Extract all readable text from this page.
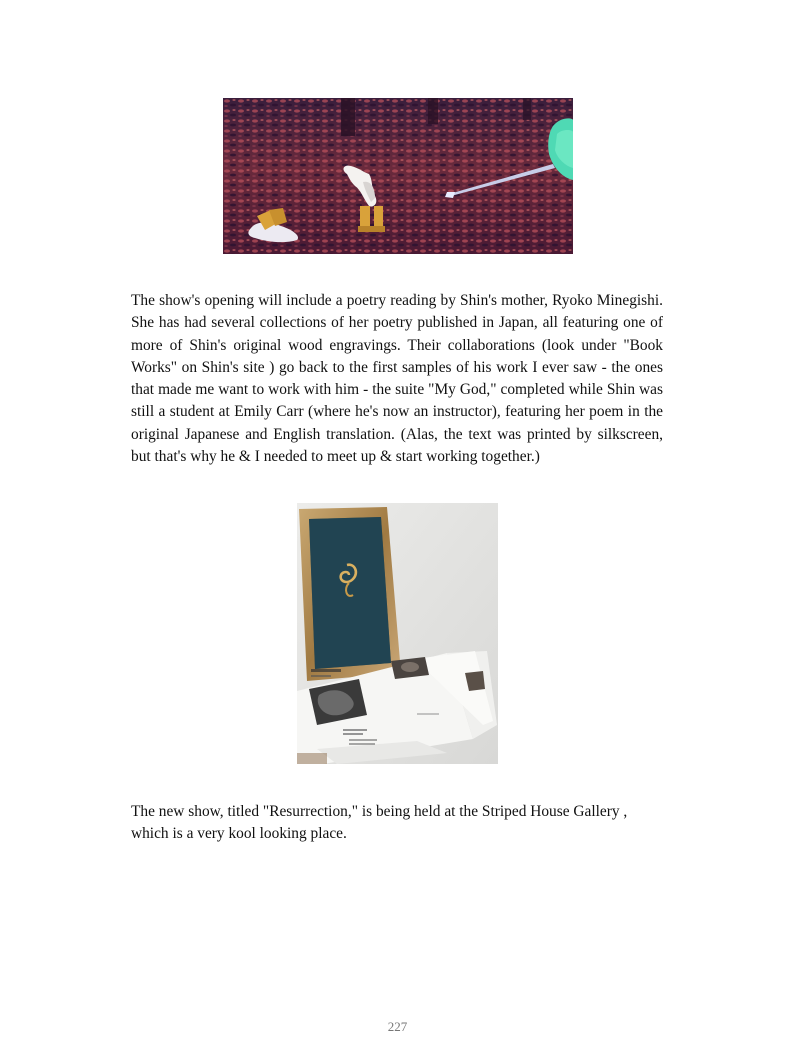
The show's opening will include a poetry reading by Shin's mother, Ryoko Minegishi. She has had several collections of her poetry published in Japan, all featuring one of more of Shin's original wood engravings. Their collaborations (look under "Book Works" on Shin's site ) go back to the first samples of his work I ever saw - the ones that made me want to work with him - the suite "My God," completed while Shin was still a student at Emily Carr (where he's now an instructor), featuring her poem in the original Japanese and English translation. (Alas, the text was printed by silkscreen, but that's why he & I needed to meet up & start working together.)

The new show, titled "Resurrection," is being held at the Striped House Gallery , which is a very kool looking place.

227
